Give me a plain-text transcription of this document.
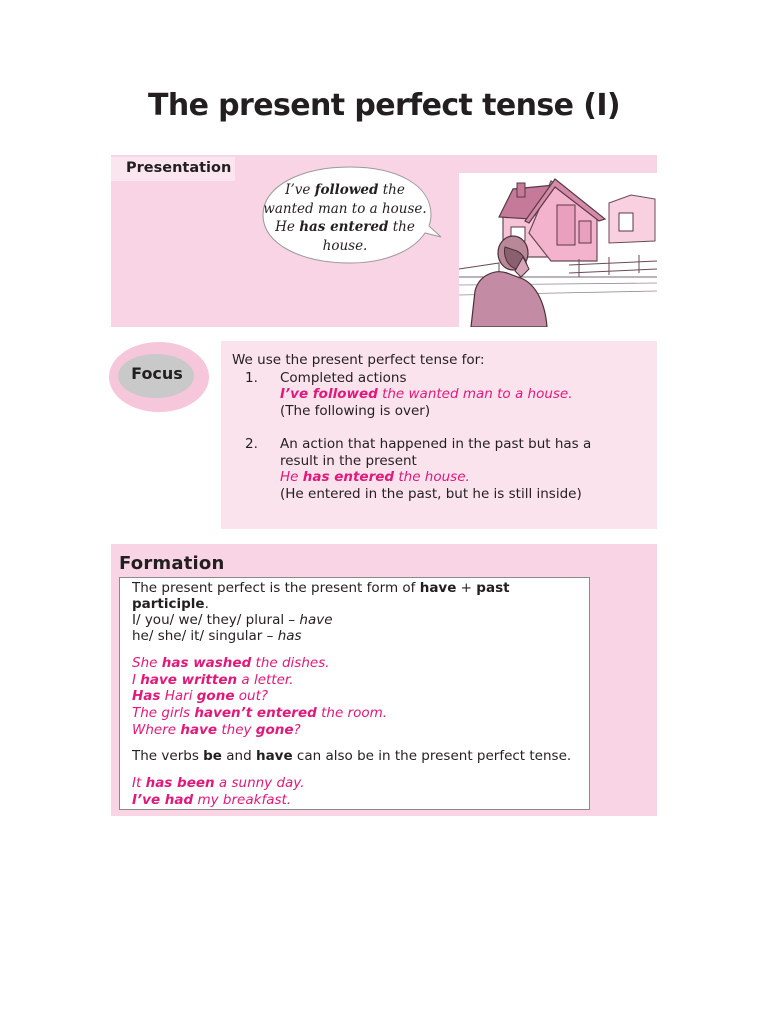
The present perfect tense (I)
Presentation
I’ve followed the
wanted man to a house.
He has entered the
house.
Focus
We use the present perfect tense for:
1. Completed actions
I’ve followed the wanted man to a house.
(The following is over)
2. An action that happened in the past but has a
result in the present
He has entered the house.
(He entered in the past, but he is still inside)
Formation
The present perfect is the present form of have + past
participle.
I/ you/ we/ they/ plural – have
he/ she/ it/ singular – has
She has washed the dishes.
I have written a letter.
Has Hari gone out?
The girls haven’t entered the room.
Where have they gone?
The verbs be and have can also be in the present perfect tense.
It has been a sunny day.
I’ve had my breakfast.
